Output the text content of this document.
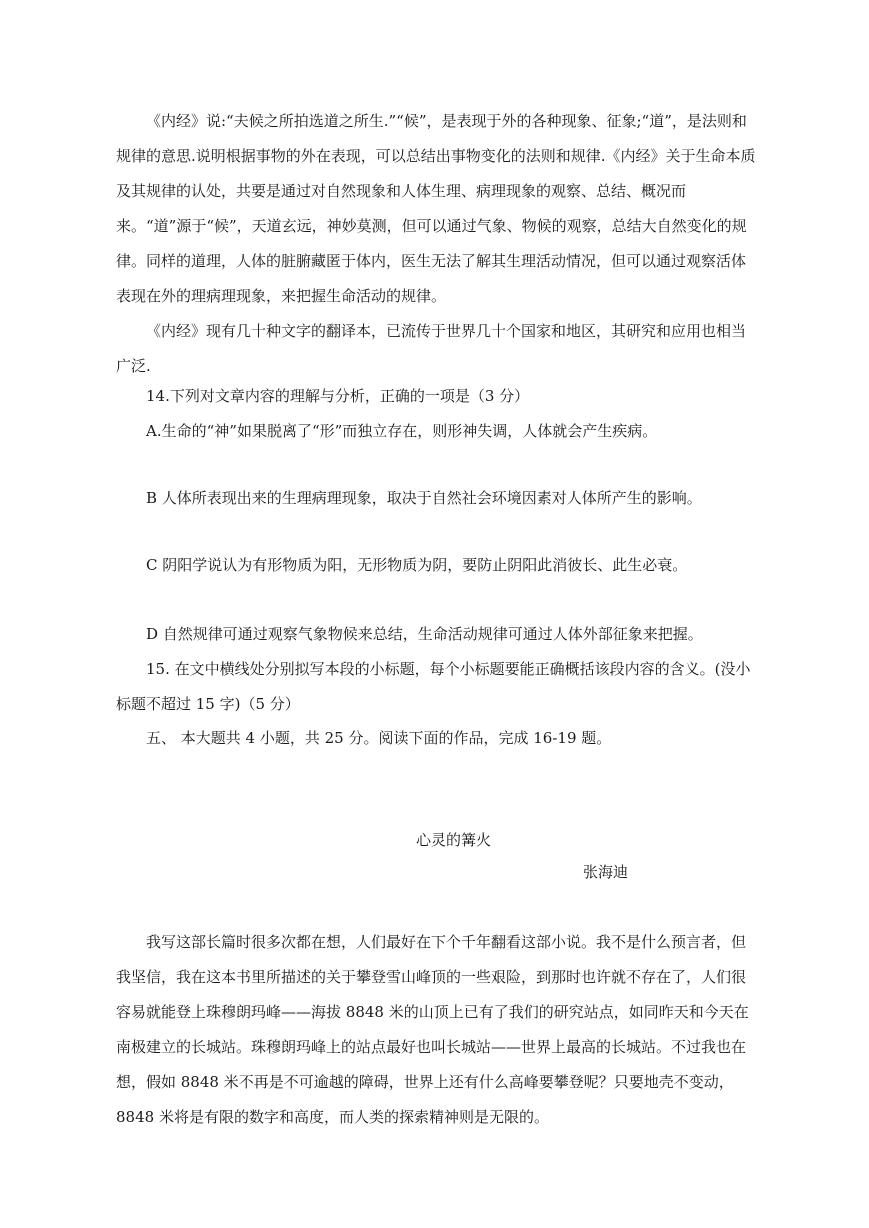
《内经》说:“夫候之所拍选道之所生.”“候”，是表现于外的各种现象、征象;“道”，是法则和规律的意思.说明根据事物的外在表现，可以总结出事物变化的法则和规律.《内经》关于生命本质及其规律的认处，共要是通过对自然现象和人体生理、病理现象的观察、总结、概况而来。“道”源于“候”，天道玄远，神妙莫测，但可以通过气象、物候的观察，总结大自然变化的规律。同样的道理，人体的脏腑藏匿于体内，医生无法了解其生理活动情况，但可以通过观察活体表现在外的理病理现象，来把握生命活动的规律。

《内经》现有几十种文字的翻译本，已流传于世界几十个国家和地区，其研究和应用也相当广泛.

14.下列对文章内容的理解与分析，正确的一项是（3 分）

A.生命的“神”如果脱离了“形”而独立存在，则形神失调，人体就会产生疾病。

B 人体所表现出来的生理病理现象，取决于自然社会环境因素对人体所产生的影响。

C 阴阳学说认为有形物质为阳，无形物质为阴，要防止阴阳此消彼长、此生必衰。

D 自然规律可通过观察气象物候来总结，生命活动规律可通过人体外部征象来把握。

15. 在文中横线处分别拟写本段的小标题，每个小标题要能正确概括该段内容的含义。(没小标题不超过 15 字)（5 分）

五、 本大题共 4 小题，共 25 分。阅读下面的作品，完成 16-19 题。

心灵的篝火
张海迪

我写这部长篇时很多次都在想，人们最好在下个千年翻看这部小说。我不是什么预言者，但我坚信，我在这本书里所描述的关于攀登雪山峰顶的一些艰险，到那时也许就不存在了，人们很容易就能登上珠穆朗玛峰——海拔 8848 米的山顶上已有了我们的研究站点，如同昨天和今天在南极建立的长城站。珠穆朗玛峰上的站点最好也叫长城站——世界上最高的长城站。不过我也在想，假如 8848 米不再是不可逾越的障碍，世界上还有什么高峰要攀登呢？只要地壳不变动，8848 米将是有限的数字和高度，而人类的探索精神则是无限的。
